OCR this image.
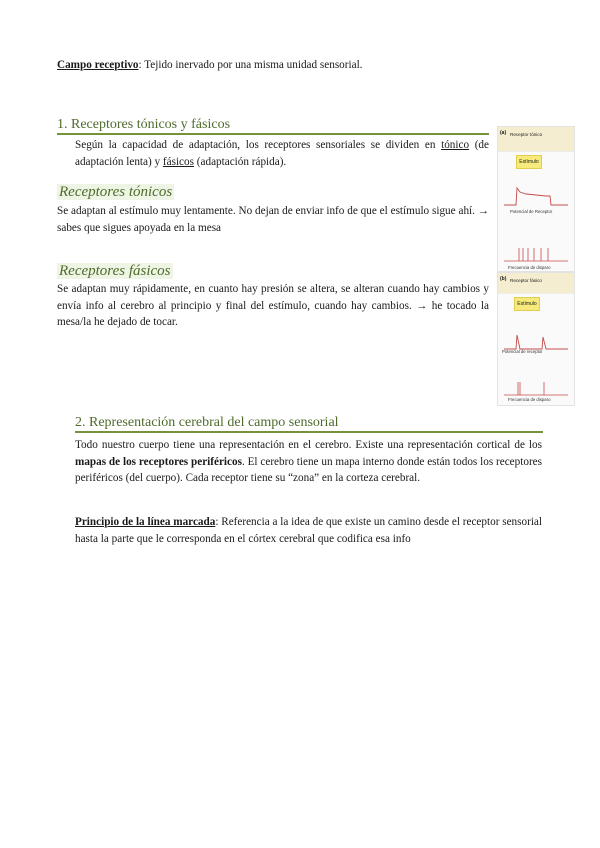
Campo receptivo: Tejido inervado por una misma unidad sensorial.
1. Receptores tónicos y fásicos
Según la capacidad de adaptación, los receptores sensoriales se dividen en tónico (de adaptación lenta) y fásicos (adaptación rápida).
Receptores tónicos
Se adaptan al estímulo muy lentamente. No dejan de enviar info de que el estímulo sigue ahí. → sabes que sigues apoyada en la mesa
Receptores fásicos
Se adaptan muy rápidamente, en cuanto hay presión se altera, se alteran cuando hay cambios y envía info al cerebro al principio y final del estímulo, cuando hay cambios. → he tocado la mesa/la he dejado de tocar.
(a) Receptor tónico
Estímulo
Potencial de Receptor
Frecuencia de disparo
(b) Receptor fásico
Estímulo
Potencial de receptor
Frecuencia de disparo
2. Representación cerebral del campo sensorial
Todo nuestro cuerpo tiene una representación en el cerebro. Existe una representación cortical de los mapas de los receptores periféricos. El cerebro tiene un mapa interno donde están todos los receptores periféricos (del cuerpo). Cada receptor tiene su “zona” en la corteza cerebral.
Principio de la línea marcada: Referencia a la idea de que existe un camino desde el receptor sensorial hasta la parte que le corresponda en el córtex cerebral que codifica esa info
